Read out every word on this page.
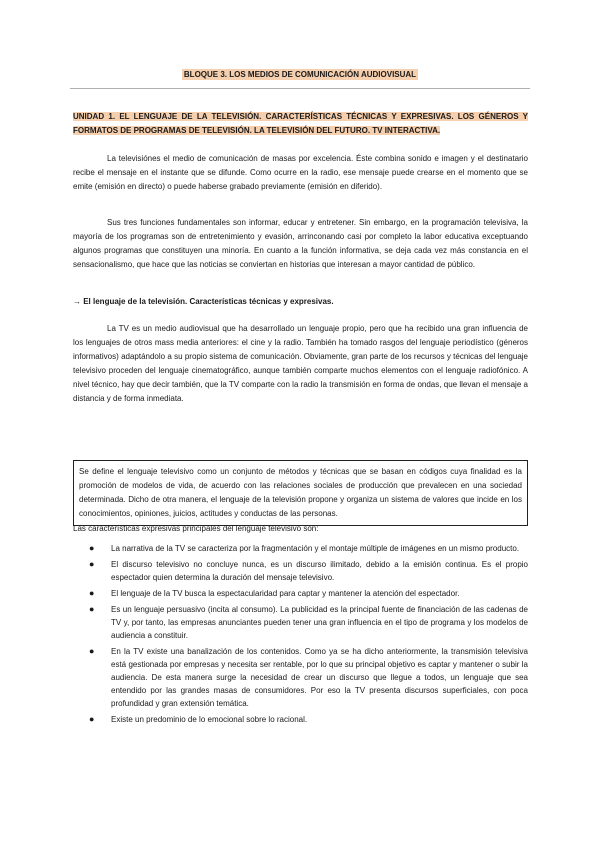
BLOQUE 3. LOS MEDIOS DE COMUNICACIÓN AUDIOVISUAL
UNIDAD 1. EL LENGUAJE DE LA TELEVISIÓN. CARACTERÍSTICAS TÉCNICAS Y EXPRESIVAS. LOS GÉNEROS Y FORMATOS DE PROGRAMAS DE TELEVISIÓN. LA TELEVISIÓN DEL FUTURO. TV INTERACTIVA.

La televisiónes el medio de comunicación de masas por excelencia. Éste combina sonido e imagen y el destinatario recibe el mensaje en el instante que se difunde. Como ocurre en la radio, ese mensaje puede crearse en el momento que se emite (emisión en directo) o puede haberse grabado previamente (emisión en diferido).

Sus tres funciones fundamentales son informar, educar y entretener. Sin embargo, en la programación televisiva, la mayoría de los programas son de entretenimiento y evasión, arrinconando casi por completo la labor educativa exceptuando algunos programas que constituyen una minoría. En cuanto a la función informativa, se deja cada vez más constancia en el sensacionalismo, que hace que las noticias se conviertan en historias que interesan a mayor cantidad de público.

→ El lenguaje de la televisión. Características técnicas y expresivas.

La TV es un medio audiovisual que ha desarrollado un lenguaje propio, pero que ha recibido una gran influencia de los lenguajes de otros mass media anteriores: el cine y la radio. También ha tomado rasgos del lenguaje periodístico (géneros informativos) adaptándolo a su propio sistema de comunicación. Obviamente, gran parte de los recursos y técnicas del lenguaje televisivo proceden del lenguaje cinematográfico, aunque también comparte muchos elementos con el lenguaje radiofónico. A nivel técnico, hay que decir también, que la TV comparte con la radio la transmisión en forma de ondas, que llevan el mensaje a distancia y de forma inmediata.

Se define el lenguaje televisivo como un conjunto de métodos y técnicas que se basan en códigos cuya finalidad es la promoción de modelos de vida, de acuerdo con las relaciones sociales de producción que prevalecen en una sociedad determinada. Dicho de otra manera, el lenguaje de la televisión propone y organiza un sistema de valores que incide en los conocimientos, opiniones, juicios, actitudes y conductas de las personas.

Las características expresivas principales del lenguaje televisivo son:

● La narrativa de la TV se caracteriza por la fragmentación y el montaje múltiple de imágenes en un mismo producto.
● El discurso televisivo no concluye nunca, es un discurso ilimitado, debido a la emisión continua. Es el propio espectador quien determina la duración del mensaje televisivo.
● El lenguaje de la TV busca la espectacularidad para captar y mantener la atención del espectador.
● Es un lenguaje persuasivo (incita al consumo). La publicidad es la principal fuente de financiación de las cadenas de TV y, por tanto, las empresas anunciantes pueden tener una gran influencia en el tipo de programa y los modelos de audiencia a constituir.
● En la TV existe una banalización de los contenidos. Como ya se ha dicho anteriormente, la transmisión televisiva está gestionada por empresas y necesita ser rentable, por lo que su principal objetivo es captar y mantener o subir la audiencia. De esta manera surge la necesidad de crear un discurso que llegue a todos, un lenguaje que sea entendido por las grandes masas de consumidores. Por eso la TV presenta discursos superficiales, con poca profundidad y gran extensión temática.
● Existe un predominio de lo emocional sobre lo racional.
